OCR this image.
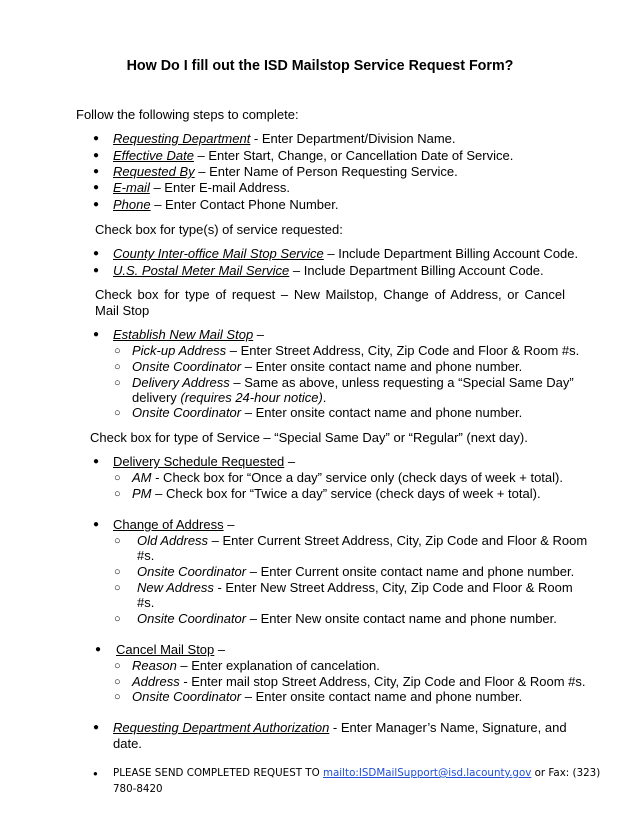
How Do I fill out the ISD Mailstop Service Request Form?
Follow the following steps to complete:
● Requesting Department - Enter Department/Division Name.
● Effective Date – Enter Start, Change, or Cancellation Date of Service.
● Requested By – Enter Name of Person Requesting Service.
● E-mail – Enter E-mail Address.
● Phone – Enter Contact Phone Number.
Check box for type(s) of service requested:
● County Inter-office Mail Stop Service – Include Department Billing Account Code.
● U.S. Postal Meter Mail Service – Include Department Billing Account Code.
Check box for type of request – New Mailstop, Change of Address, or Cancel Mail Stop
● Establish New Mail Stop –
○ Pick-up Address – Enter Street Address, City, Zip Code and Floor & Room #s.
○ Onsite Coordinator – Enter onsite contact name and phone number.
○ Delivery Address – Same as above, unless requesting a “Special Same Day”
delivery (requires 24-hour notice).
○ Onsite Coordinator – Enter onsite contact name and phone number.
Check box for type of Service – “Special Same Day” or “Regular” (next day).
● Delivery Schedule Requested –
○ AM - Check box for “Once a day” service only (check days of week + total).
○ PM – Check box for “Twice a day” service (check days of week + total).
● Change of Address –
○ Old Address – Enter Current Street Address, City, Zip Code and Floor & Room
#s.
○ Onsite Coordinator – Enter Current onsite contact name and phone number.
○ New Address - Enter New Street Address, City, Zip Code and Floor & Room
#s.
○ Onsite Coordinator – Enter New onsite contact name and phone number.
● Cancel Mail Stop –
○ Reason – Enter explanation of cancelation.
○ Address - Enter mail stop Street Address, City, Zip Code and Floor & Room #s.
○ Onsite Coordinator – Enter onsite contact name and phone number.
● Requesting Department Authorization - Enter Manager’s Name, Signature, and
date.
● PLEASE SEND COMPLETED REQUEST TO mailto:ISDMailSupport@isd.lacounty.gov or Fax: (323)
780-8420
